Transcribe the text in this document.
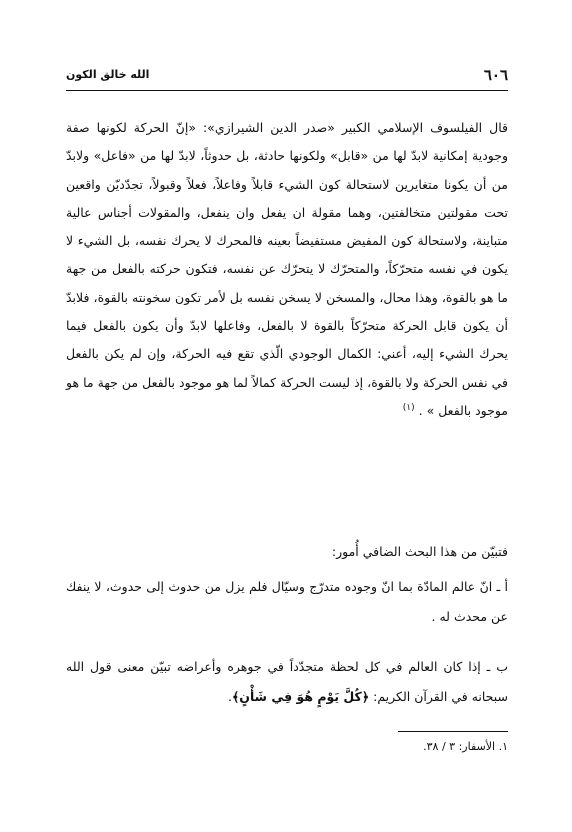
٦٠٦
الله خالق الكون

قال الفيلسوف الإسلامي الكبير «صدر الدين الشيرازي»: «إنّ الحركة لكونها صفة وجودية إمكانية لابدّ لها من «قابل» ولكونها حادثة، بل حدوثاً، لابدّ لها من «فاعل» ولابدّ من أن يكونا متغايرين لاستحالة كون الشيء قابلاً وفاعلاً، فعلاً وقبولاً، تجدّديّن واقعين تحت مقولتين متخالفتين، وهما مقولة ان يفعل وان ينفعل، والمقولات أجناس عالية متباينة، ولاستحالة كون المفيض مستفيضاً بعينه فالمحرك لا يحرك نفسه، بل الشيء لا يكون في نفسه متحرّكاً، والمتحرّك لا يتحرّك عن نفسه، فتكون حركته بالفعل من جهة ما هو بالقوة، وهذا محال، والمسخن لا يسخن نفسه بل لأمر تكون سخونته بالقوة، فلابدّ أن يكون قابل الحركة متحرّكاً بالقوة لا بالفعل، وفاعلها لابدّ وأن يكون بالفعل فيما يحرك الشيء إليه، أعني: الكمال الوجودي الّذي تقع فيه الحركة، وإن لم يكن بالفعل في نفس الحركة ولا بالقوة، إذ ليست الحركة كمالاً لما هو موجود بالفعل من جهة ما هو موجود بالفعل » . $^{(١)}$

فتبيّن من هذا البحث الضافي أُمور:
أ ـ انّ عالم المادّة بما انّ وجوده متدرّج وسيّال فلم يزل من حدوث إلى حدوث، لا ينفك عن محدث له .
ب ـ إذا كان العالم في كل لحظة متجدّداً في جوهره وأعراضه تبيّن معنى قول الله سبحانه في القرآن الكريم: ﴿كُلَّ يَوْمٍ هُوَ فِي شَأْنٍ﴾.
١. الأسفار: ٣ / ٣٨.
